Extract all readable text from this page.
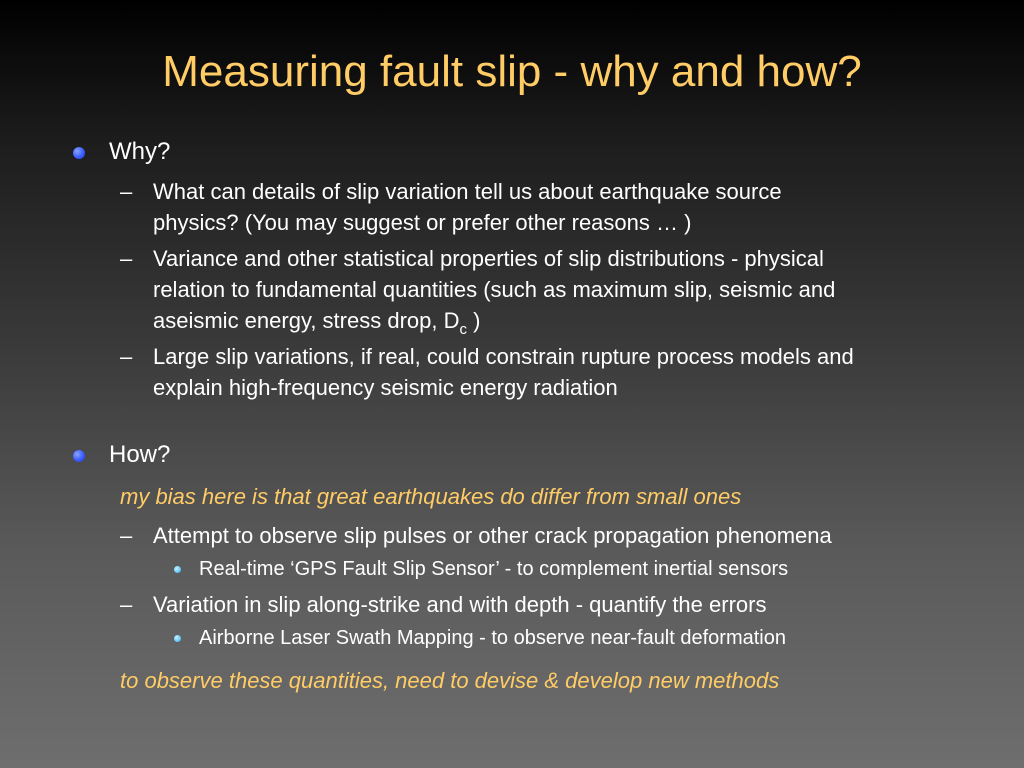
Measuring fault slip - why and how?
Why?
– What can details of slip variation tell us about earthquake source
physics? (You may suggest or prefer other reasons … )
– Variance and other statistical properties of slip distributions - physical
relation to fundamental quantities (such as maximum slip, seismic and
aseismic energy, stress drop, $D_c$ )
– Large slip variations, if real, could constrain rupture process models and
explain high-frequency seismic energy radiation
How?
my bias here is that great earthquakes do differ from small ones
– Attempt to observe slip pulses or other crack propagation phenomena
Real-time ‘GPS Fault Slip Sensor’ - to complement inertial sensors
– Variation in slip along-strike and with depth - quantify the errors
Airborne Laser Swath Mapping - to observe near-fault deformation
to observe these quantities, need to devise & develop new methods
